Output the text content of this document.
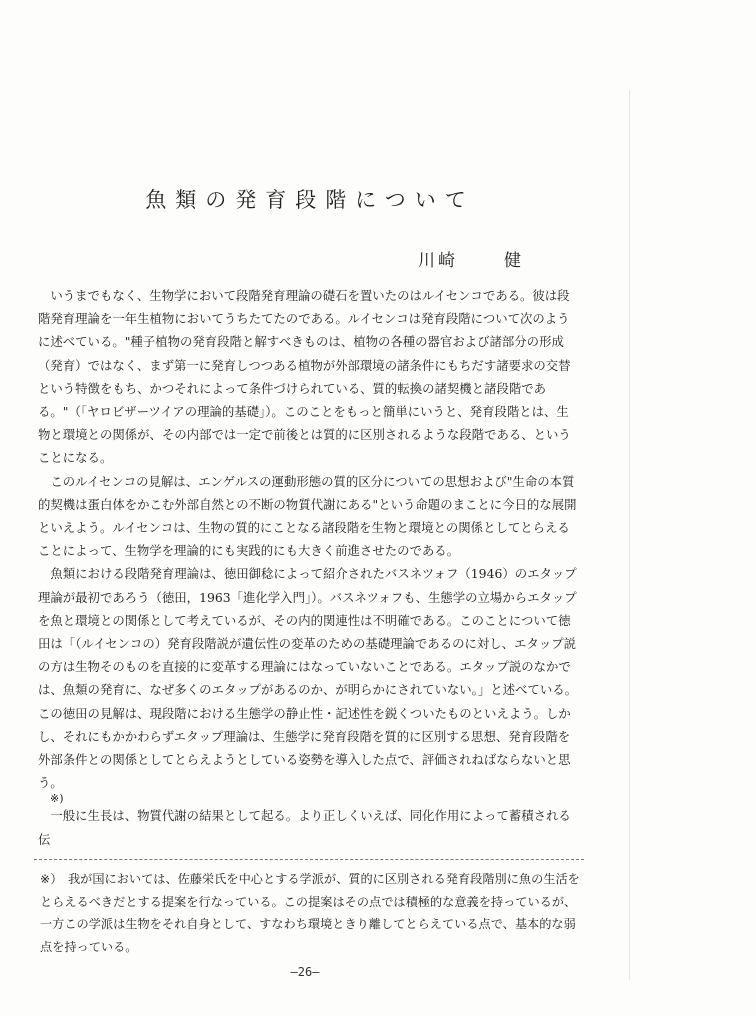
魚類の発育段階について
川崎	健

いうまでもなく、生物学において段階発育理論の礎石を置いたのはルイセンコである。彼は段階発育理論を一年生植物においてうちたてたのである。ルイセンコは発育段階について次のように述べている。"種子植物の発育段階と解すべきものは、植物の各種の器官および諸部分の形成（発育）ではなく、まず第一に発育しつつある植物が外部環境の諸条件にもちだす諸要求の交替という特徴をもち、かつそれによって条件づけられている、質的転換の諸契機と諸段階である。"（「ヤロビザーツイアの理論的基礎」）。このことをもっと簡単にいうと、発育段階とは、生物と環境との関係が、その内部では一定で前後とは質的に区別されるような段階である、ということになる。

このルイセンコの見解は、エンゲルスの運動形態の質的区分についての思想および"生命の本質的契機は蛋白体をかこむ外部自然との不断の物質代謝にある"という命題のまことに今日的な展開といえよう。ルイセンコは、生物の質的にことなる諸段階を生物と環境との関係としてとらえることによって、生物学を理論的にも実践的にも大きく前進させたのである。

魚類における段階発育理論は、徳田御稔によって紹介されたバスネツォフ（1946）のエタップ理論が最初であろう（徳田，1963「進化学入門」）。バスネツォフも、生態学の立場からエタップを魚と環境との関係として考えているが、その内的関連性は不明確である。このことについて徳田は「（ルイセンコの）発育段階説が遺伝性の変革のための基礎理論であるのに対し、エタップ説の方は生物そのものを直接的に変革する理論にはなっていないことである。エタップ説のなかでは、魚類の発育に、なぜ多くのエタップがあるのか、が明らかにされていない。」と述べている。この徳田の見解は、現段階における生態学の静止性・記述性を鋭くついたものといえよう。しかし、それにもかかわらずエタップ理論は、生態学に発育段階を質的に区別する思想、発育段階を外部条件との関係としてとらえようとしている姿勢を導入した点で、評価されねばならないと思う。

※)

一般に生長は、物質代謝の結果として起る。より正しくいえば、同化作用によって蓄積される伝

※） 我が国においては、佐藤栄氏を中心とする学派が、質的に区別される発育段階別に魚の生活をとらえるべきだとする提案を行なっている。この提案はその点では積極的な意義を持っているが、一方この学派は生物をそれ自身として、すなわち環境ときり離してとらえている点で、基本的な弱点を持っている。
—26—
